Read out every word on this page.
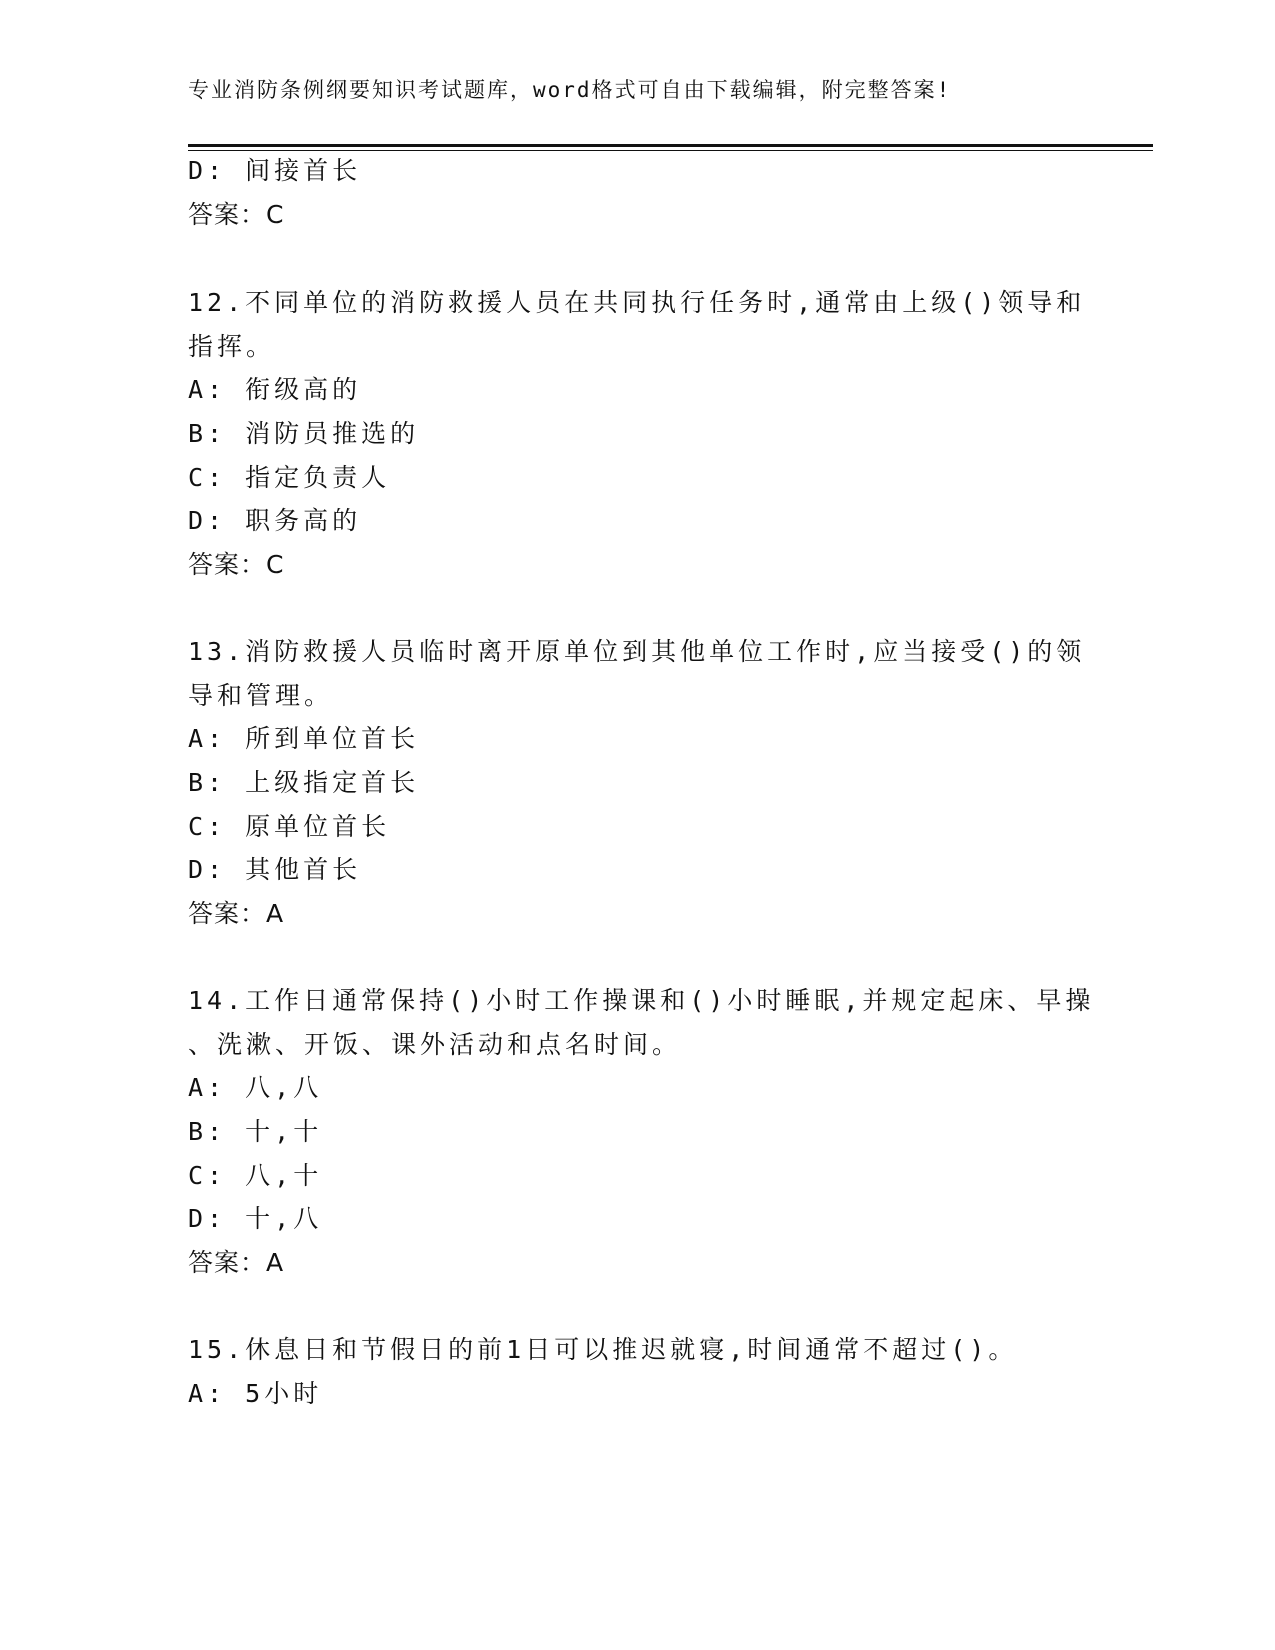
专业消防条例纲要知识考试题库，word格式可自由下载编辑，附完整答案!
D: 间接首长
答案：C
12.不同单位的消防救援人员在共同执行任务时,通常由上级()领导和
指挥。
A: 衔级高的
B: 消防员推选的
C: 指定负责人
D: 职务高的
答案：C
13.消防救援人员临时离开原单位到其他单位工作时,应当接受()的领
导和管理。
A: 所到单位首长
B: 上级指定首长
C: 原单位首长
D: 其他首长
答案：A
14.工作日通常保持()小时工作操课和()小时睡眠,并规定起床、早操
、洗漱、开饭、课外活动和点名时间。
A: 八,八
B: 十,十
C: 八,十
D: 十,八
答案：A
15.休息日和节假日的前1日可以推迟就寝,时间通常不超过()。
A: 5小时
